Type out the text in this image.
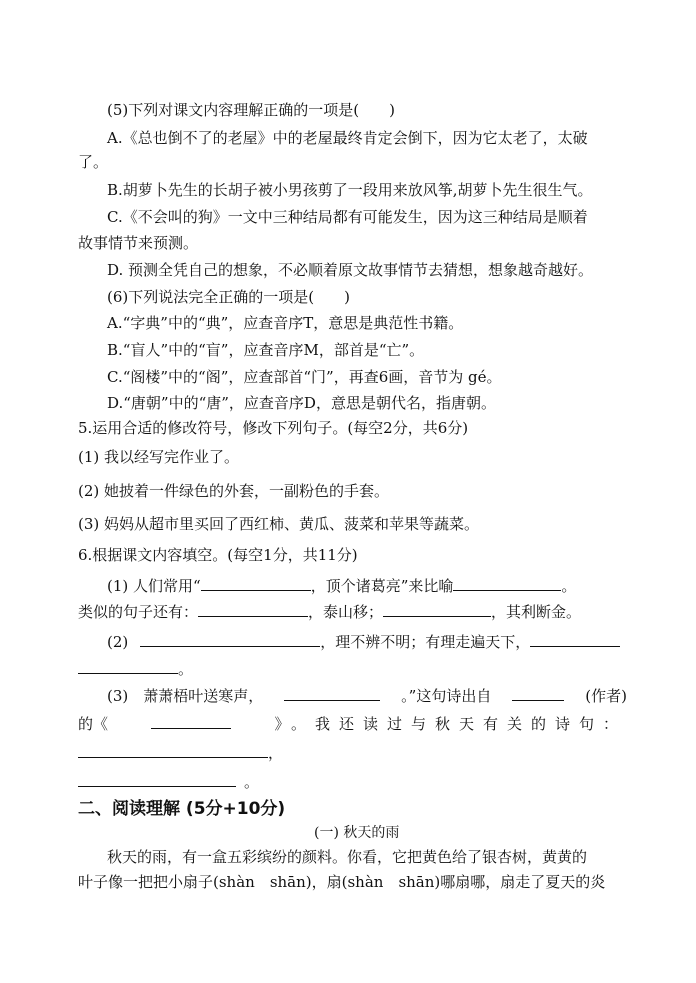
(5)下列对课文内容理解正确的一项是(　　)
A.《总也倒不了的老屋》中的老屋最终肯定会倒下，因为它太老了，太破
了。
B.胡萝卜先生的长胡子被小男孩剪了一段用来放风筝,胡萝卜先生很生气。
C.《不会叫的狗》一文中三种结局都有可能发生，因为这三种结局是顺着
故事情节来预测。
D. 预测全凭自己的想象，不必顺着原文故事情节去猜想，想象越奇越好。
(6)下列说法完全正确的一项是(　　)
A.“字典”中的“典”，应查音序T，意思是典范性书籍。
B.“盲人”中的“盲”，应查音序M，部首是“亡”。
C.“阁楼”中的“阁”，应查部首“门”，再查6画，音节为 gé。
D.“唐朝”中的“唐”，应查音序D，意思是朝代名，指唐朝。
5.运用合适的修改符号，修改下列句子。(每空2分，共6分)
(1) 我以经写完作业了。
(2) 她披着一件绿色的外套，一副粉色的手套。
(3) 妈妈从超市里买回了西红柿、黄瓜、菠菜和苹果等蔬菜。
6.根据课文内容填空。(每空1分，共11分)
(1) 人们常用“	，顶个诸葛亮”来比喻	。
类似的句子还有：	，泰山移；	，其利断金。
(2)	，理不辨不明；有理走遍天下，
。
(3)　萧萧梧叶送寒声，	。”这句诗出自	(作者)
的《	》。我还读过与秋天有关的诗句：
，
。
二、阅读理解 (5分+10分)
(一) 秋天的雨
秋天的雨，有一盒五彩缤纷的颜料。你看，它把黄色给了银杏树，黄黄的
叶子像一把把小扇子(shàn　shān)，扇(shàn　shān)哪扇哪，扇走了夏天的炎
